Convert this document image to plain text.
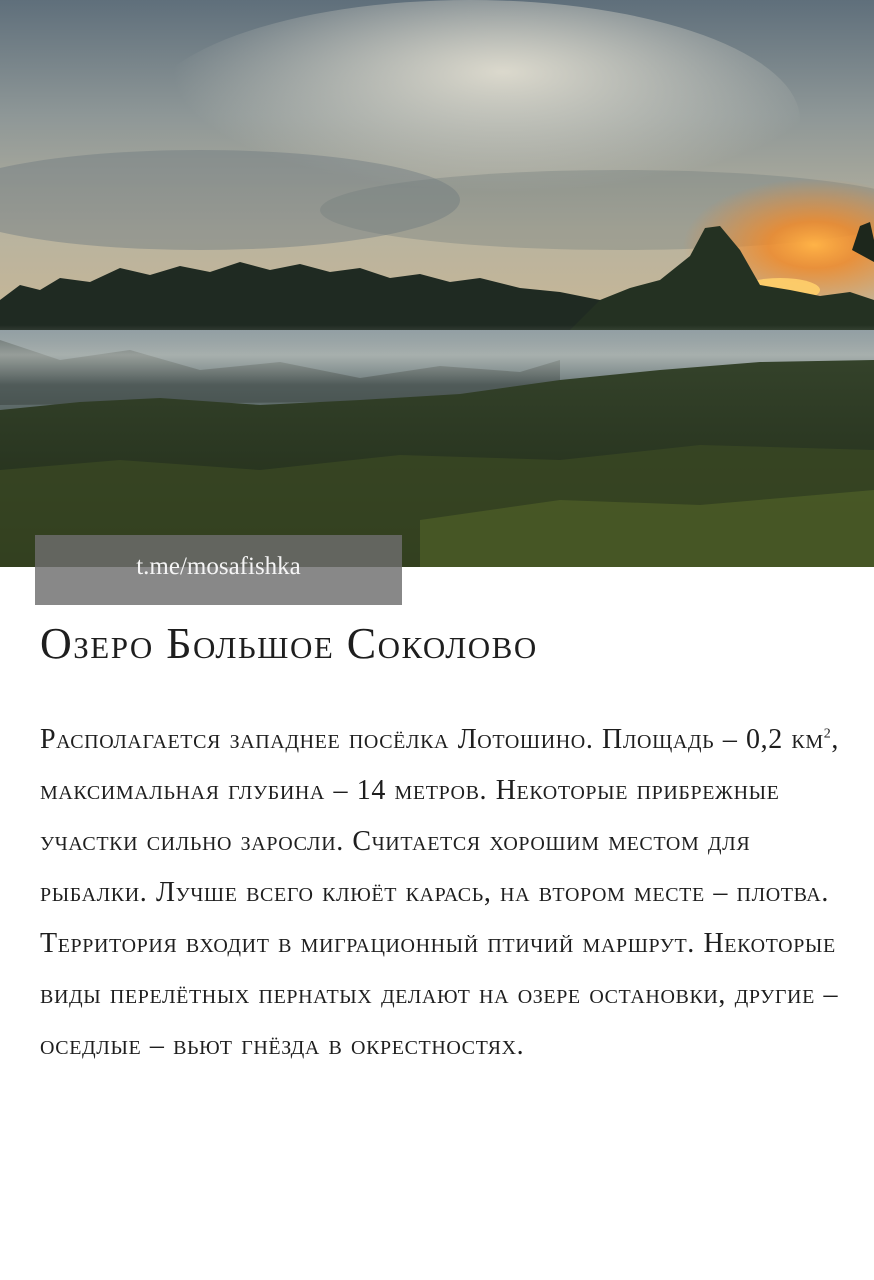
t.me/mosafishka
Озеро Большое Соколово

Располагается западнее посёлка Лотошино. Площадь – 0,2 $км^2$, максимальная глубина – 14 метров. Некоторые прибрежные участки сильно заросли. Считается хорошим местом для рыбалки. Лучше всего клюёт карась, на втором месте – плотва. Территория входит в миграционный птичий маршрут. Некоторые виды перелётных пернатых делают на озере остановки, другие – оседлые – вьют гнёзда в окрестностях.
